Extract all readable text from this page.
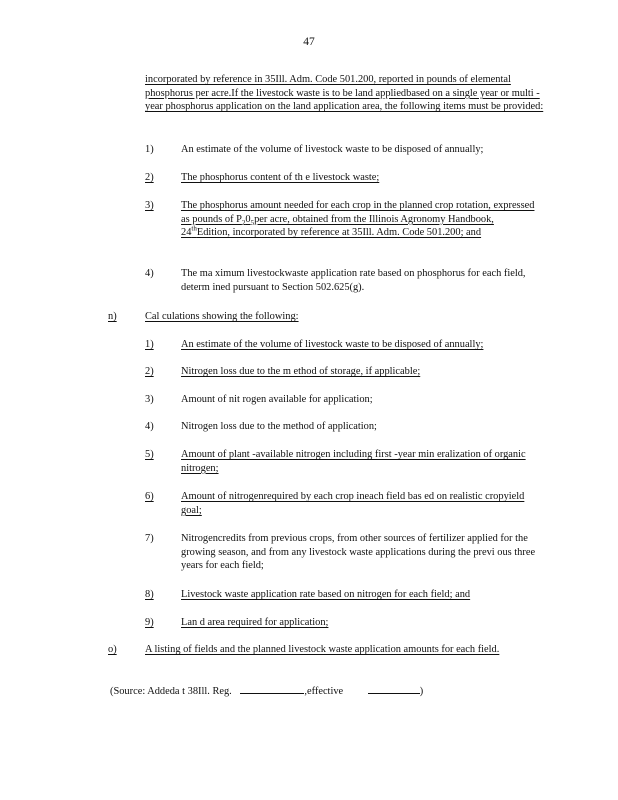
47
incorporated by reference in 35Ill. Adm. Code 501.200, reported in pounds of elemental phosphorus per acre.If the livestock waste is to be land appliedbased on a single year or multi -year phosphorus application on the land application area, the following items must be provided:
1)	An estimate of the volume of livestock waste to be disposed of annually;
2)	The phosphorus content of th e livestock waste;
3)	The phosphorus amount needed for each crop in the planned crop rotation, expressed as pounds of $P_20_5per$ acre, obtained from the Illinois Agronomy Handbook, 24thEdition, incorporated by reference at 35Ill. Adm. Code 501.200; and
4)	The ma ximum livestockwaste application rate based on phosphorus for each field, determ ined pursuant to Section 502.625(g).
n)	Cal culations showing the following:
1)	An estimate of the volume of livestock waste to be disposed of annually;
2)	Nitrogen loss due to the m ethod of storage, if applicable;
3)	Amount of nit rogen available for application;
4)	Nitrogen loss due to the method of application;
5)	Amount of plant -available nitrogen including first -year min eralization of organic nitrogen;
6)	Amount of nitrogenrequired by each crop ineach field bas ed on realistic cropyield goal;
7)	Nitrogencredits from previous crops, from other sources of fertilizer applied for the growing season, and from any livestock waste applications during the previ ous three years for each field;
8)	Livestock waste application rate based on nitrogen for each field; and
9)	Lan d area required for application;
o)	A listing of fields and the planned livestock waste application amounts for each field.
(Source: Addeda t 38Ill. Reg.	,effective	)
